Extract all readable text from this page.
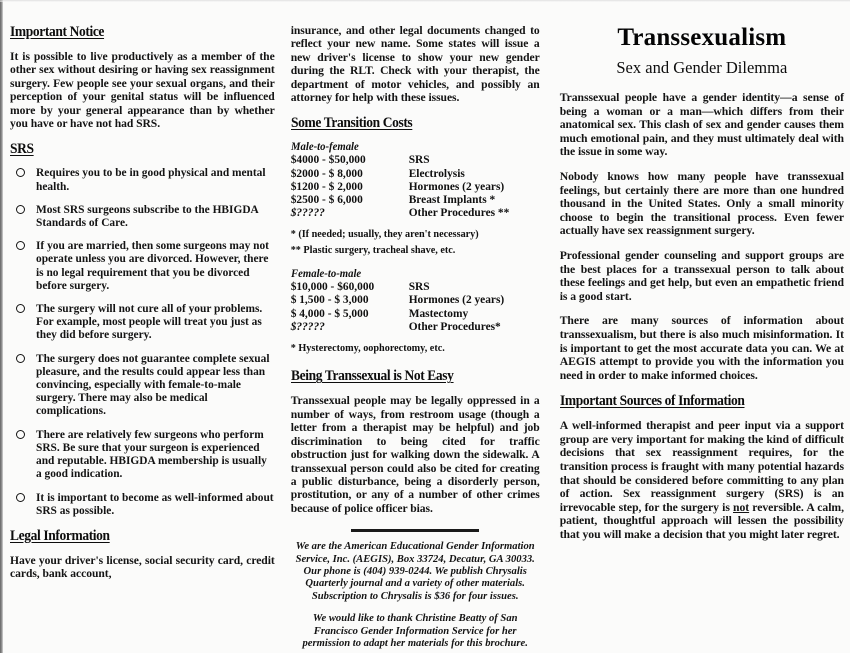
Important Notice

It is possible to live productively as a member of the other sex without desiring or having sex reassignment surgery. Few people see your sexual organs, and their perception of your genital status will be influenced more by your general appearance than by whether you have or have not had SRS.

SRS
Requires you to be in good physical and mental health.
Most SRS surgeons subscribe to the HBIGDA Standards of Care.
If you are married, then some surgeons may not operate unless you are divorced. However, there is no legal requirement that you be divorced before surgery.
The surgery will not cure all of your problems. For example, most people will treat you just as they did before surgery.
The surgery does not guarantee complete sexual pleasure, and the results could appear less than convincing, especially with female-to-male surgery. There may also be medical complications.
There are relatively few surgeons who perform SRS. Be sure that your surgeon is experienced and reputable. HBIGDA membership is usually a good indication.
It is important to become as well-informed about SRS as possible.
Legal Information

Have your driver's license, social security card, credit cards, bank account,

insurance, and other legal documents changed to reflect your new name. Some states will issue a new driver's license to show your new gender during the RLT. Check with your therapist, the department of motor vehicles, and possibly an attorney for help with these issues.

Some Transition Costs
Male-to-female
$4000 - $50,000	SRS
$2000 - $ 8,000	Electrolysis
$1200 - $ 2,000	Hormones (2 years)
$2500 - $ 6,000	Breast Implants *
$?????	Other Procedures **

* (If needed; usually, they aren't necessary)

** Plastic surgery, tracheal shave, etc.

Female-to-male
$10,000 - $60,000	SRS
$ 1,500 - $ 3,000	Hormones (2 years)
$ 4,000 - $ 5,000	Mastectomy
$?????	Other Procedures*

* Hysterectomy, oophorectomy, etc.

Being Transsexual is Not Easy

Transsexual people may be legally oppressed in a number of ways, from restroom usage (though a letter from a therapist may be helpful) and job discrimination to being cited for traffic obstruction just for walking down the sidewalk. A transsexual person could also be cited for creating a public disturbance, being a disorderly person, prostitution, or any of a number of other crimes because of police officer bias.

We are the American Educational Gender Information Service, Inc. (AEGIS), Box 33724, Decatur, GA 30033. Our phone is (404) 939-0244. We publish Chrysalis Quarterly journal and a variety of other materials. Subscription to Chrysalis is $36 for four issues.

We would like to thank Christine Beatty of San Francisco Gender Information Service for her permission to adapt her materials for this brochure.

Transsexualism
Sex and Gender Dilemma

Transsexual people have a gender identity—a sense of being a woman or a man—which differs from their anatomical sex. This clash of sex and gender causes them much emotional pain, and they must ultimately deal with the issue in some way.

Nobody knows how many people have transsexual feelings, but certainly there are more than one hundred thousand in the United States. Only a small minority choose to begin the transitional process. Even fewer actually have sex reassignment surgery.

Professional gender counseling and support groups are the best places for a transsexual person to talk about these feelings and get help, but even an empathetic friend is a good start.

There are many sources of information about transsexualism, but there is also much misinformation. It is important to get the most accurate data you can. We at AEGIS attempt to provide you with the information you need in order to make informed choices.

Important Sources of Information

A well-informed therapist and peer input via a support group are very important for making the kind of difficult decisions that sex reassignment requires, for the transition process is fraught with many potential hazards that should be considered before committing to any plan of action. Sex reassignment surgery (SRS) is an irrevocable step, for the surgery is not reversible. A calm, patient, thoughtful approach will lessen the possibility that you will make a decision that you might later regret.
